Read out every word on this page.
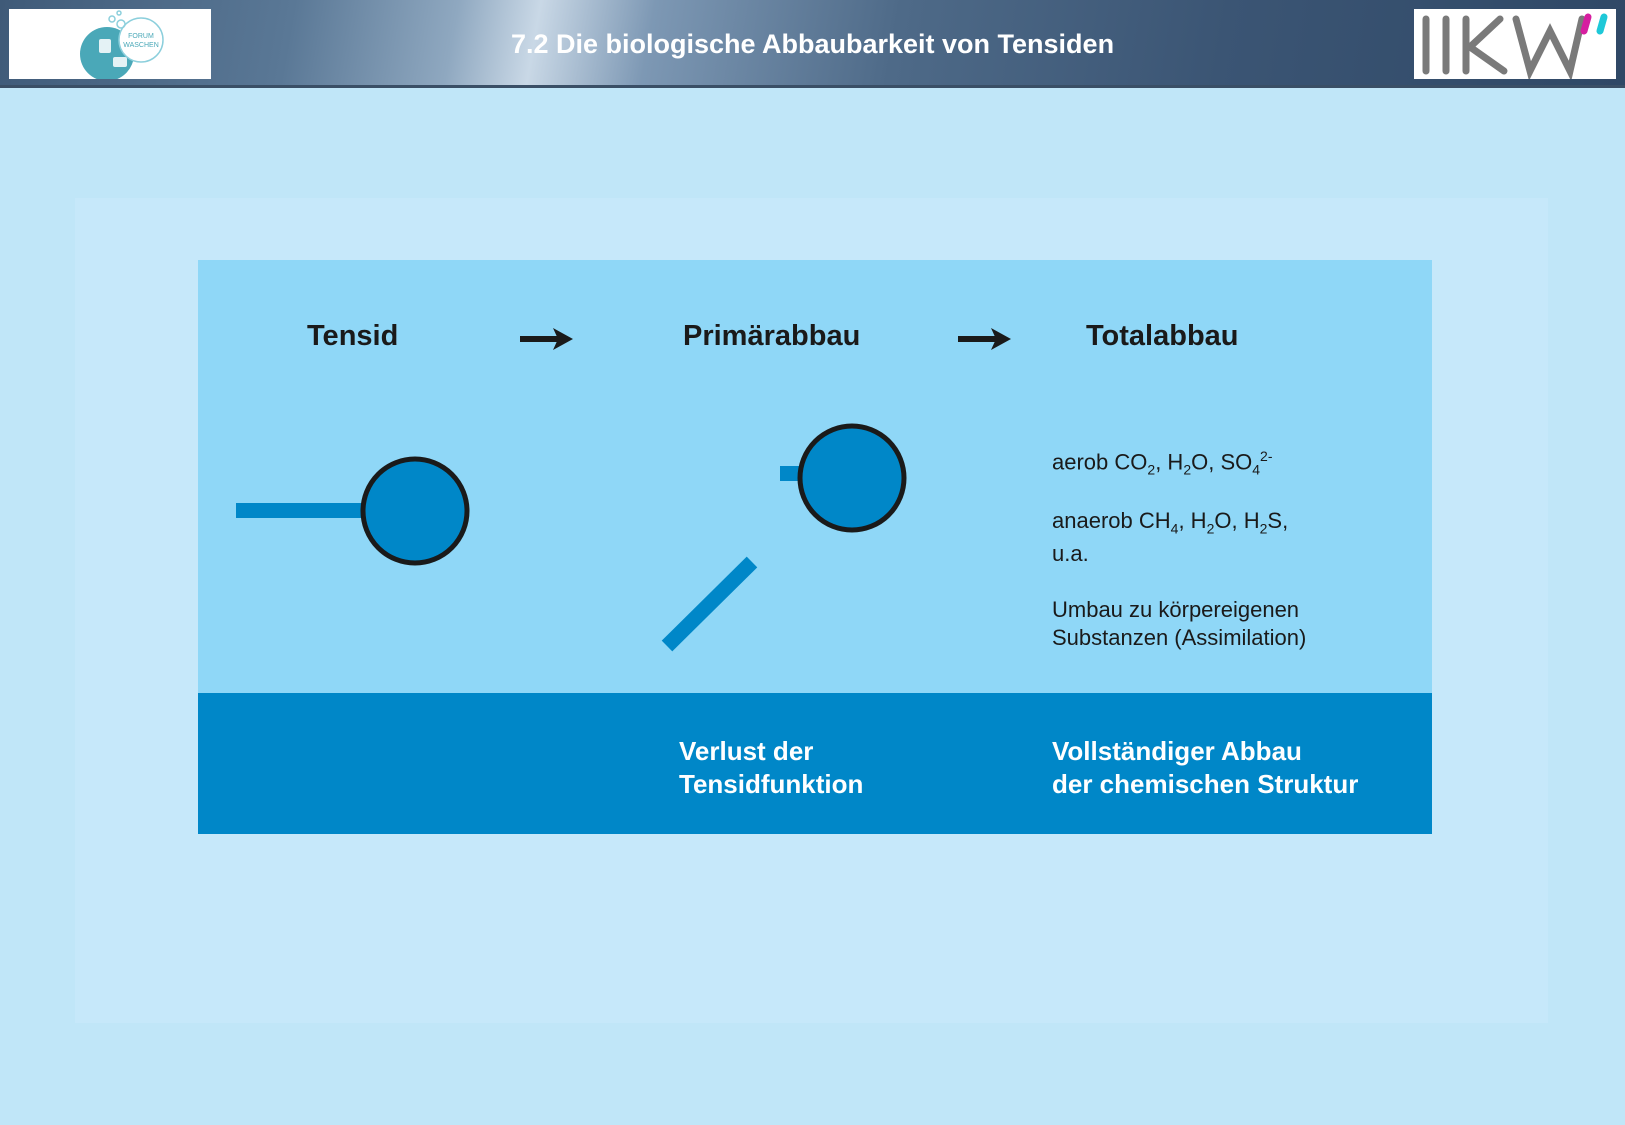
FORUM
WASCHEN	7.2 Die biologische Abbaubarkeit von Tensiden
Tensid	Primärabbau	Totalabbau
aerob $CO_2$, $H_2O$, $SO_4^{2-}$
anaerob $CH_4$, $H_2O$, $H_2S$,
u.a.
Umbau zu körpereigenen
Substanzen (Assimilation)
Verlust der
Tensidfunktion
Vollständiger Abbau
der chemischen Struktur
